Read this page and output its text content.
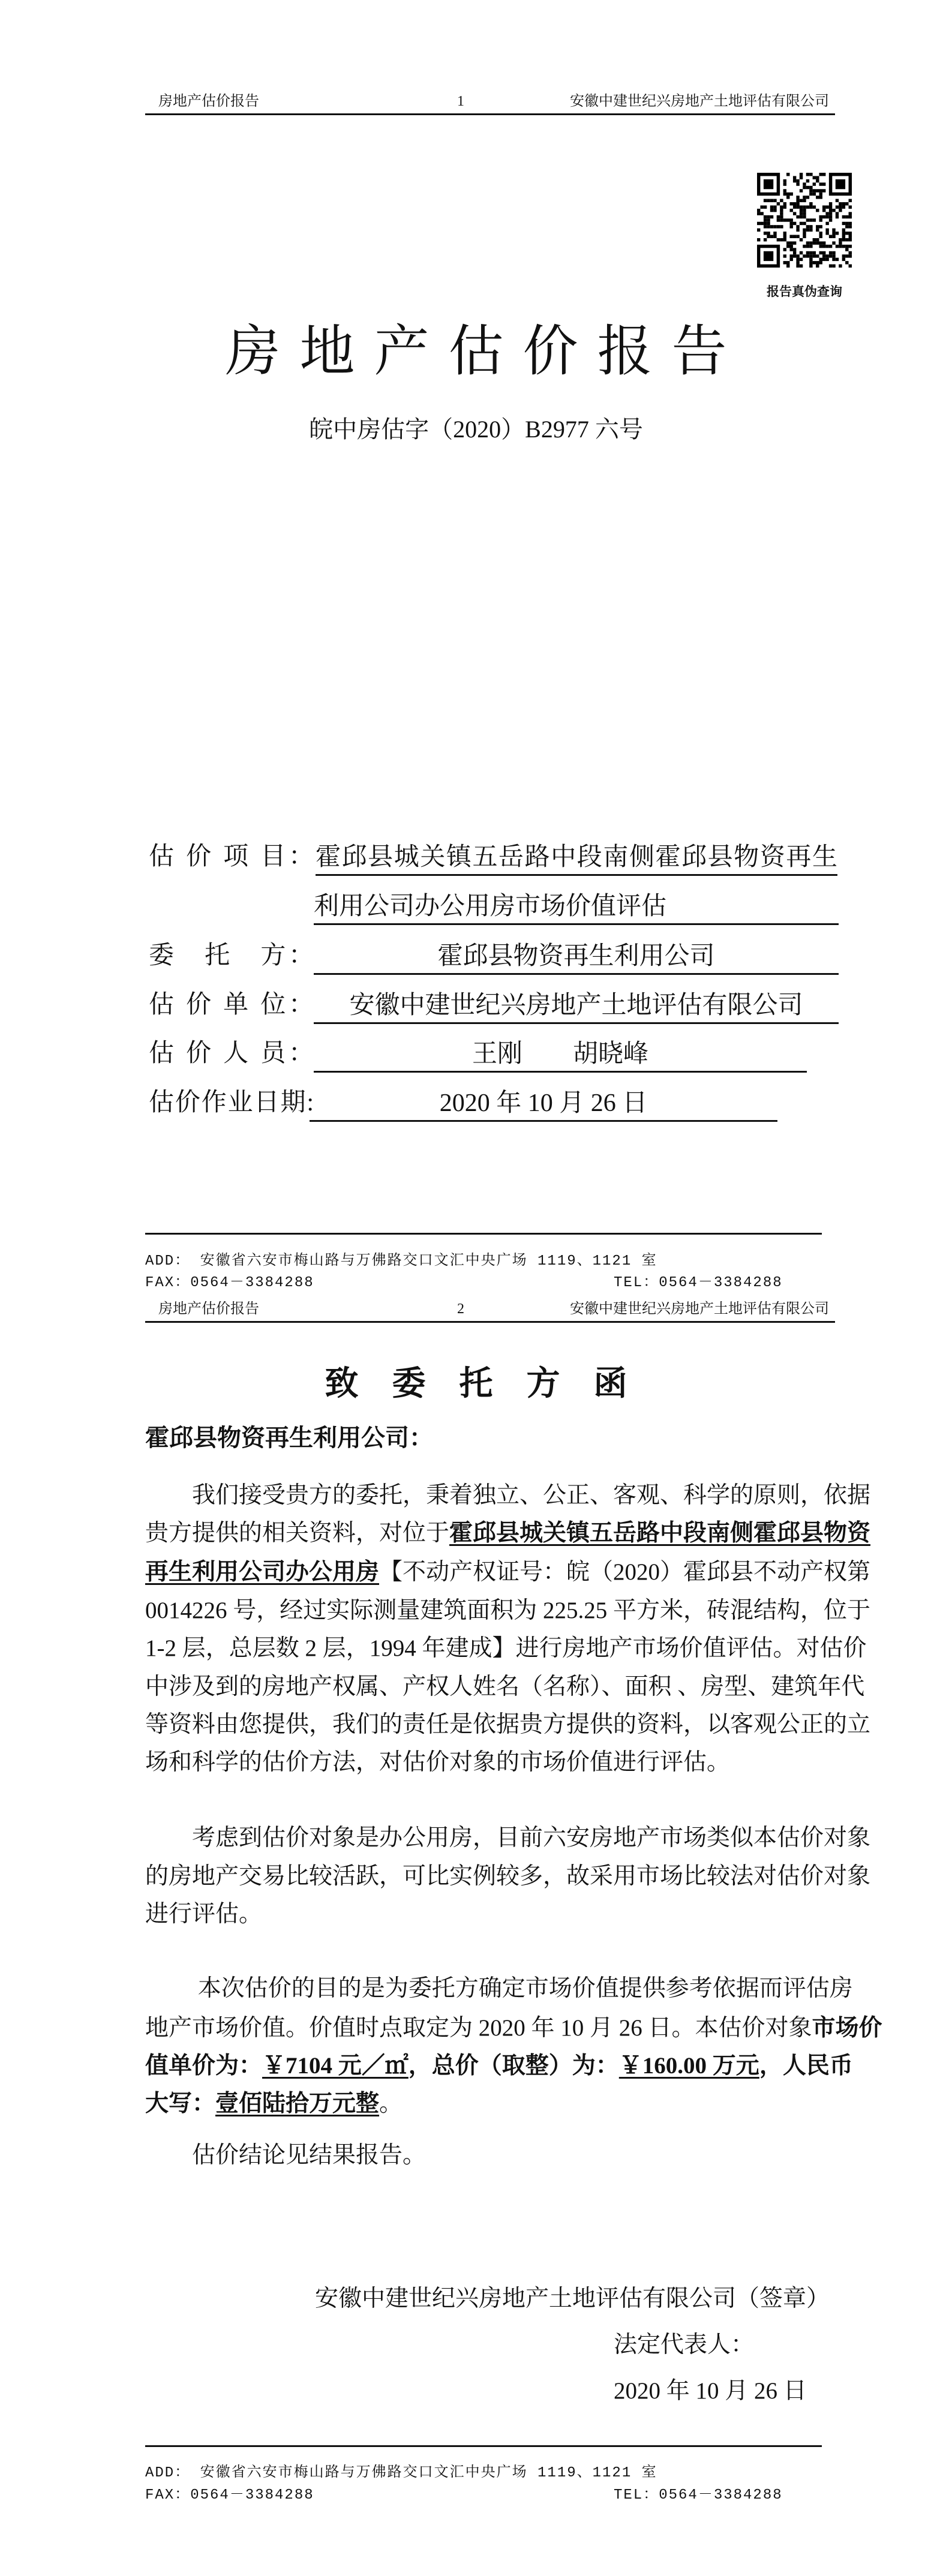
房地产估价报告	1	安徽中建世纪兴房地产土地评估有限公司
报告真伪查询
房地产估价报告
皖中房估字（2020）B2977 六号
估 价 项 目： 霍邱县城关镇五岳路中段南侧霍邱县物资再生
利用公司办公用房市场价值评估
委　托　方：	霍邱县物资再生利用公司
估 价 单 位：	安徽中建世纪兴房地产土地评估有限公司
估 价 人 员：	王刚　　胡晓峰
估价作业日期:	2020 年 10 月 26 日
ADD： 安徽省六安市梅山路与万佛路交口文汇中央广场 1119、1121 室
FAX：0564－3384288	TEL：0564－3384288
房地产估价报告	2	安徽中建世纪兴房地产土地评估有限公司
致委托方函
霍邱县物资再生利用公司：
　　我们接受贵方的委托，秉着独立、公正、客观、科学的原则，依据
贵方提供的相关资料，对位于霍邱县城关镇五岳路中段南侧霍邱县物资
再生利用公司办公用房【不动产权证号：皖（2020）霍邱县不动产权第
0014226 号，经过实际测量建筑面积为 225.25 平方米，砖混结构，位于
1-2 层，总层数 2 层，1994 年建成】进行房地产市场价值评估。对估价
中涉及到的房地产权属、产权人姓名（名称）、面积 、房型、建筑年代
等资料由您提供，我们的责任是依据贵方提供的资料，以客观公正的立
场和科学的估价方法，对估价对象的市场价值进行评估。
　　考虑到估价对象是办公用房，目前六安房地产市场类似本估价对象
的房地产交易比较活跃，可比实例较多，故采用市场比较法对估价对象
进行评估。
　　 本次估价的目的是为委托方确定市场价值提供参考依据而评估房
地产市场价值。价值时点取定为 2020 年 10 月 26 日。本估价对象市场价
值单价为：￥7104 元／㎡，总价（取整）为：￥160.00 万元，人民币
大写：壹佰陆拾万元整。
　　估价结论见结果报告。
安徽中建世纪兴房地产土地评估有限公司（签章）
法定代表人：
2020 年 10 月 26 日
ADD： 安徽省六安市梅山路与万佛路交口文汇中央广场 1119、1121 室
FAX：0564－3384288	TEL：0564－3384288
